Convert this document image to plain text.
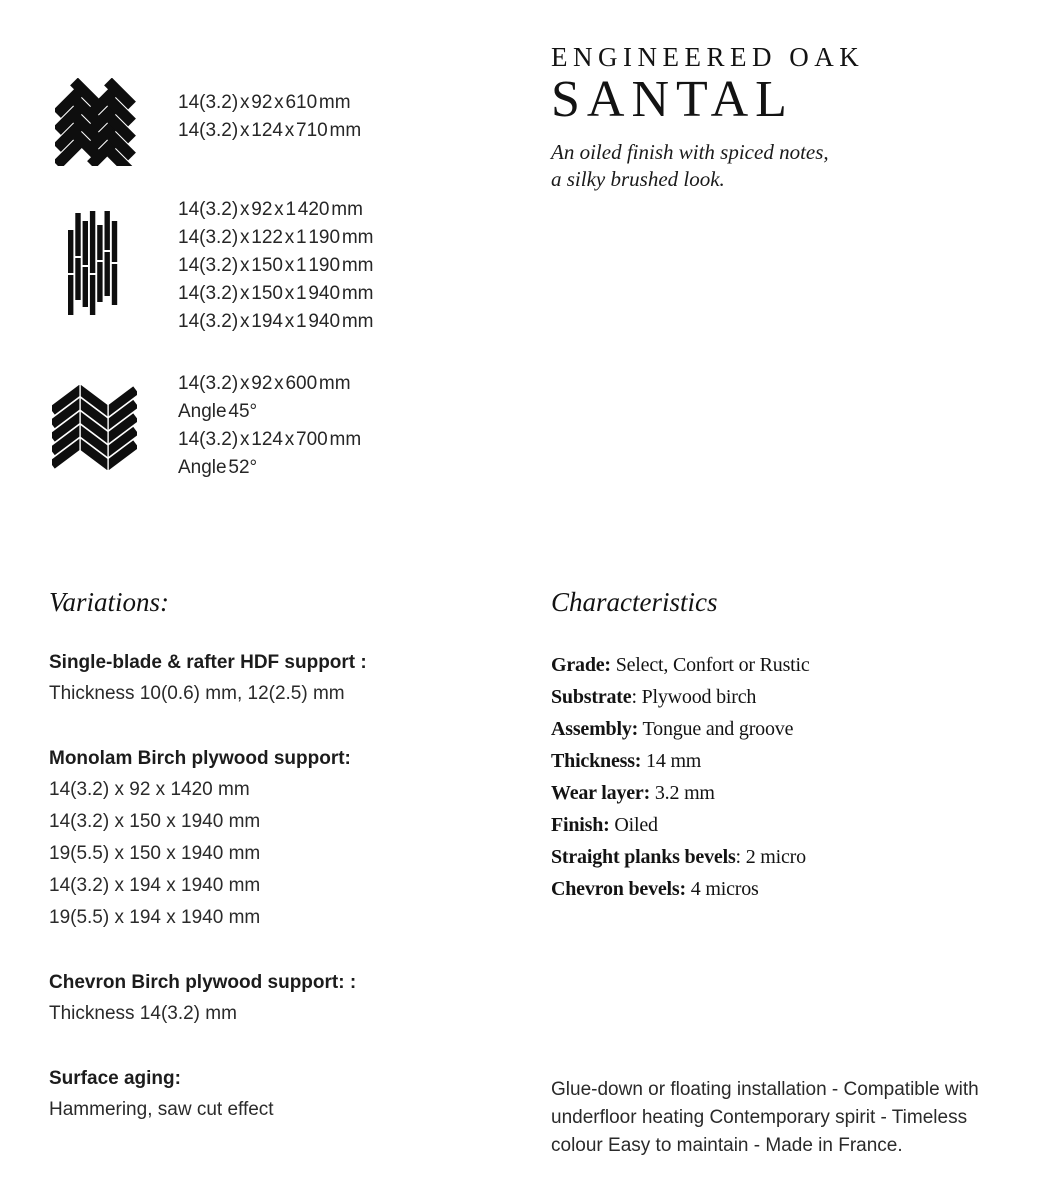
14(3.2) x 92 x 610 mm
14(3.2) x 124 x 710 mm
14(3.2) x 92 x 1 420 mm
14(3.2) x 122 x 1 190 mm
14(3.2) x 150 x 1 190 mm
14(3.2) x 150 x 1 940 mm
14(3.2) x 194 x 1 940 mm
14(3.2) x 92 x 600 mm
Angle 45°
14(3.2) x 124 x 700 mm
Angle 52°
ENGINEERED OAK
SANTAL
An oiled finish with spiced notes,
a silky brushed look.
Variations:
Single-blade & rafter HDF support :
Thickness 10(0.6) mm, 12(2.5) mm
Monolam Birch plywood support:
14(3.2) x 92 x 1420 mm
14(3.2) x 150 x 1940 mm
19(5.5) x 150 x 1940 mm
14(3.2) x 194 x 1940 mm
19(5.5) x 194 x 1940 mm
Chevron Birch plywood support: :
Thickness 14(3.2) mm
Surface aging:
Hammering, saw cut effect
Characteristics
Grade: Select, Confort or Rustic
Substrate: Plywood birch
Assembly: Tongue and groove
Thickness: 14 mm
Wear layer: 3.2 mm
Finish: Oiled
Straight planks bevels: 2 micro
Chevron bevels: 4 micros
Glue-down or floating installation - Compatible with
underfloor heating Contemporary spirit - Timeless
colour Easy to maintain - Made in France.
